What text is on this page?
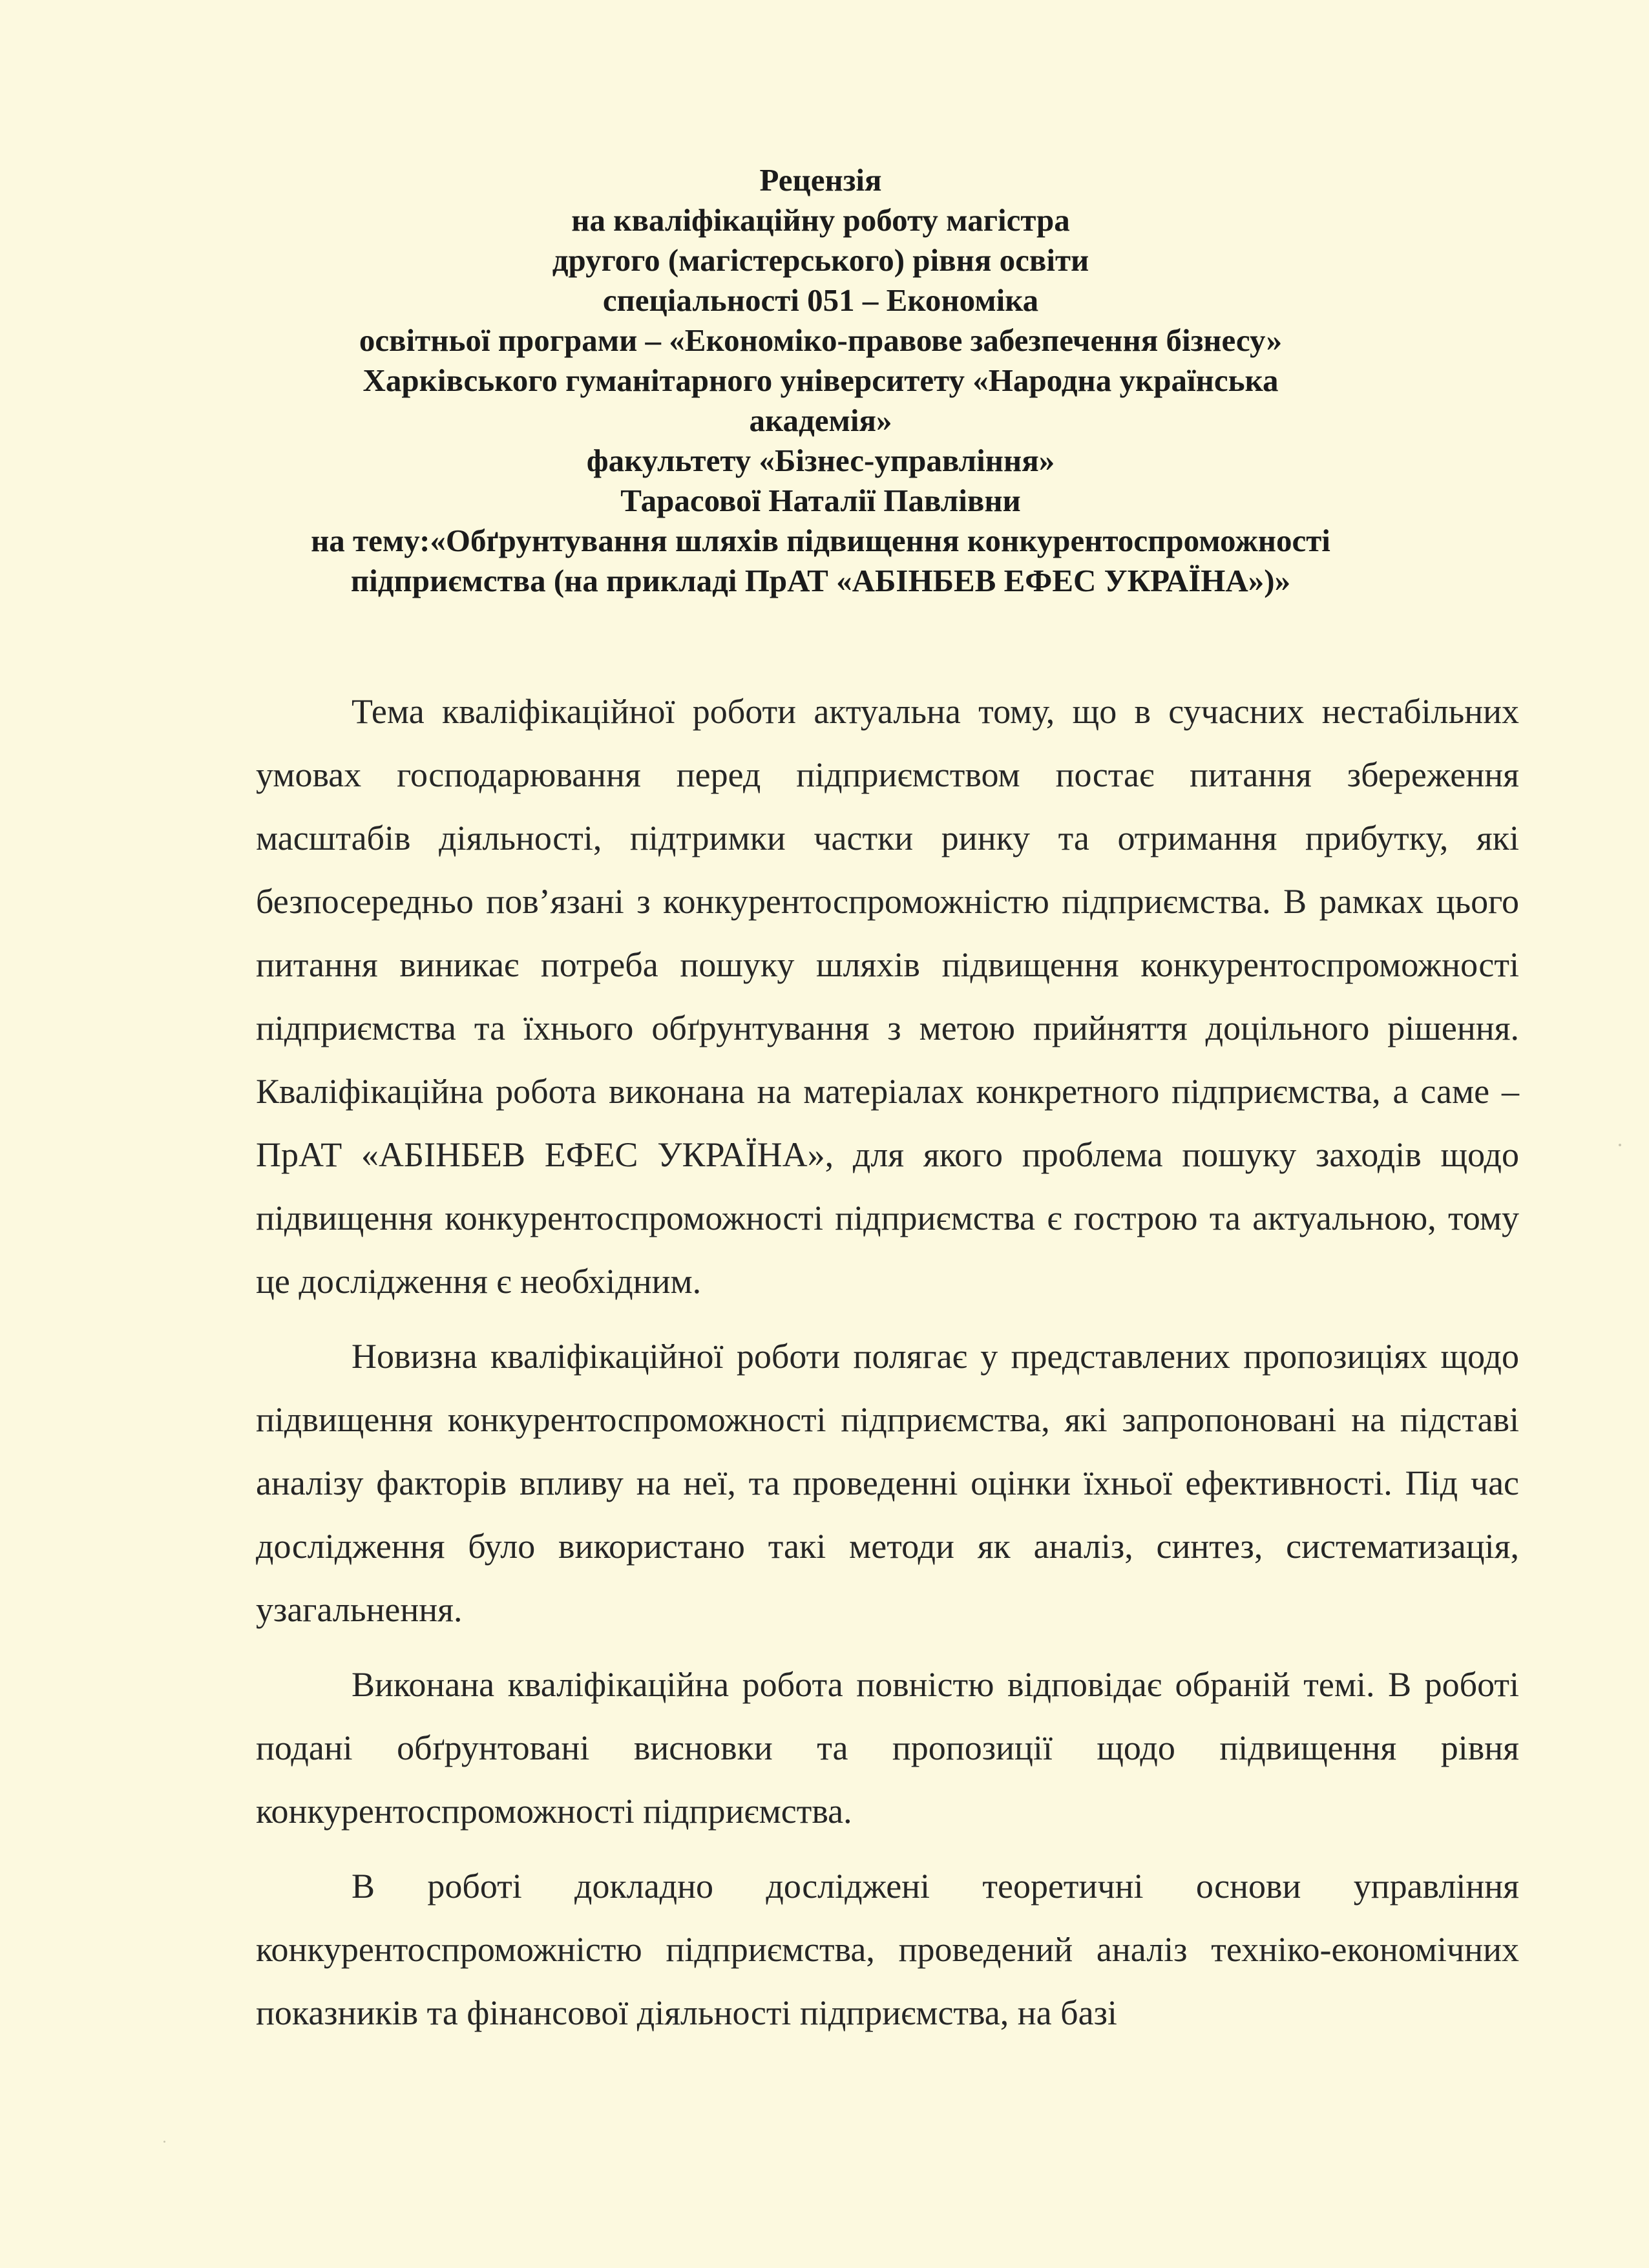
Рецензія
на кваліфікаційну роботу магістра
другого (магістерського) рівня освіти
спеціальності 051 – Економіка
освітньої програми – «Економіко-правове забезпечення бізнесу»
Харківського гуманітарного університету «Народна українська
академія»
факультету «Бізнес-управління»
Тарасової Наталії Павлівни
на тему:«Обґрунтування шляхів підвищення конкурентоспроможності
підприємства (на прикладі ПрАТ «АБІНБЕВ ЕФЕС УКРАЇНА»)»

Тема кваліфікаційної роботи актуальна тому, що в сучасних нестабільних умовах господарювання перед підприємством постає питання збереження масштабів діяльності, підтримки частки ринку та отримання прибутку, які безпосередньо пов’язані з конкурентоспроможністю підприємства. В рамках цього питання виникає потреба пошуку шляхів підвищення конкурентоспроможності підприємства та їхнього обґрунтування з метою прийняття доцільного рішення. Кваліфікаційна робота виконана на матеріалах конкретного підприємства, а саме – ПрАТ «АБІНБЕВ ЕФЕС УКРАЇНА», для якого проблема пошуку заходів щодо підвищення конкурентоспроможності підприємства є гострою та актуальною, тому це дослідження є необхідним.

Новизна кваліфікаційної роботи полягає у представлених пропозиціях щодо підвищення конкурентоспроможності підприємства, які запропоновані на підставі аналізу факторів впливу на неї, та проведенні оцінки їхньої ефективності. Під час дослідження було використано такі методи як аналіз, синтез, систематизація, узагальнення.

Виконана кваліфікаційна робота повністю відповідає обраній темі. В роботі подані обґрунтовані висновки та пропозиції щодо підвищення рівня конкурентоспроможності підприємства.

В роботі докладно досліджені теоретичні основи управління конкурентоспроможністю підприємства, проведений аналіз техніко-економічних показників та фінансової діяльності підприємства, на базі
